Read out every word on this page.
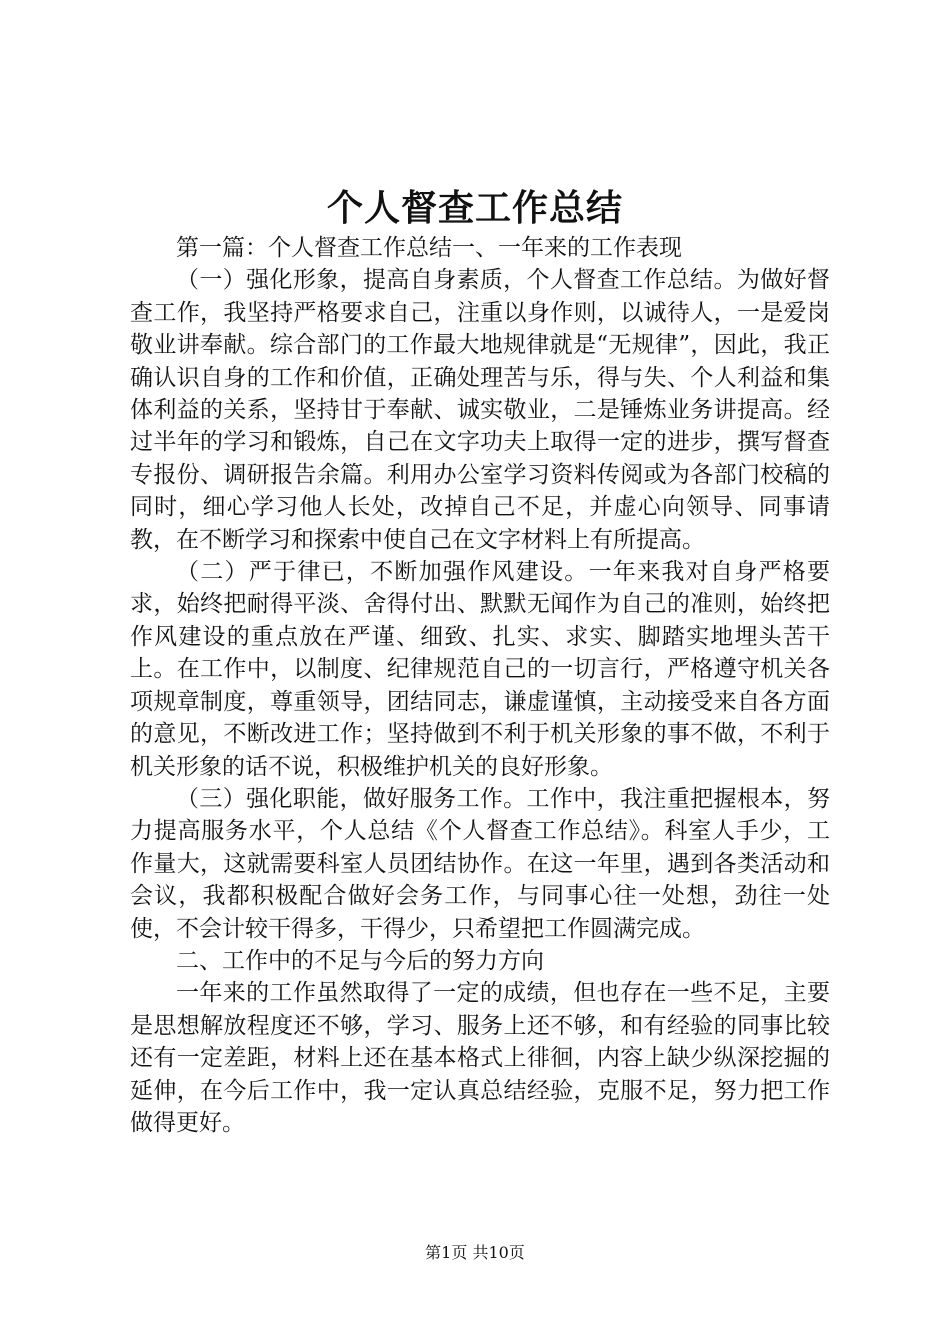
个人督查工作总结

第一篇：个人督查工作总结一、一年来的工作表现

（一）强化形象，提高自身素质，个人督查工作总结。为做好督查工作，我坚持严格要求自己，注重以身作则，以诚待人，一是爱岗敬业讲奉献。综合部门的工作最大地规律就是“无规律”，因此，我正确认识自身的工作和价值，正确处理苦与乐，得与失、个人利益和集体利益的关系，坚持甘于奉献、诚实敬业，二是锤炼业务讲提高。经过半年的学习和锻炼，自己在文字功夫上取得一定的进步，撰写督查专报份、调研报告余篇。利用办公室学习资料传阅或为各部门校稿的同时，细心学习他人长处，改掉自己不足，并虚心向领导、同事请教，在不断学习和探索中使自己在文字材料上有所提高。

（二）严于律已，不断加强作风建设。一年来我对自身严格要求，始终把耐得平淡、舍得付出、默默无闻作为自己的准则，始终把作风建设的重点放在严谨、细致、扎实、求实、脚踏实地埋头苦干上。在工作中，以制度、纪律规范自己的一切言行，严格遵守机关各项规章制度，尊重领导，团结同志，谦虚谨慎，主动接受来自各方面的意见，不断改进工作；坚持做到不利于机关形象的事不做，不利于机关形象的话不说，积极维护机关的良好形象。

（三）强化职能，做好服务工作。工作中，我注重把握根本，努力提高服务水平，个人总结《个人督查工作总结》。科室人手少，工作量大，这就需要科室人员团结协作。在这一年里，遇到各类活动和会议，我都积极配合做好会务工作，与同事心往一处想，劲往一处使，不会计较干得多，干得少，只希望把工作圆满完成。

二、工作中的不足与今后的努力方向

一年来的工作虽然取得了一定的成绩，但也存在一些不足，主要是思想解放程度还不够，学习、服务上还不够，和有经验的同事比较还有一定差距，材料上还在基本格式上徘徊，内容上缺少纵深挖掘的延伸，在今后工作中，我一定认真总结经验，克服不足，努力把工作做得更好。

第1页 共10页
